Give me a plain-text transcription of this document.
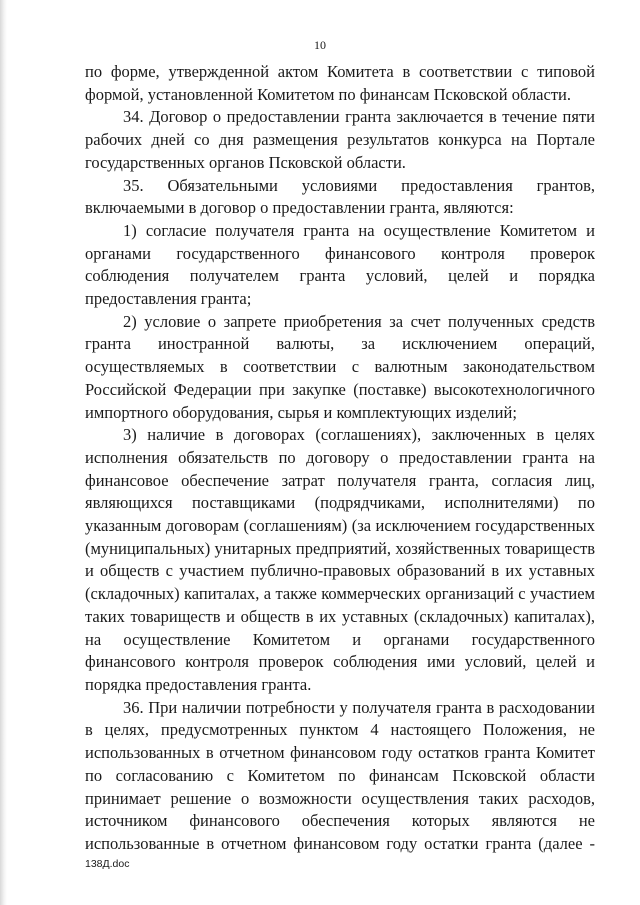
10

по форме, утвержденной актом Комитета в соответствии с типовой формой, установленной Комитетом по финансам Псковской области.

34. Договор о предоставлении гранта заключается в течение пяти рабочих дней со дня размещения результатов конкурса на Портале государственных органов Псковской области.

35. Обязательными условиями предоставления грантов, включаемыми в договор о предоставлении гранта, являются:

1) согласие получателя гранта на осуществление Комитетом и органами государственного финансового контроля проверок соблюдения получателем гранта условий, целей и порядка предоставления гранта;

2) условие о запрете приобретения за счет полученных средств гранта иностранной валюты, за исключением операций, осуществляемых в соответствии с валютным законодательством Российской Федерации при закупке (поставке) высокотехнологичного импортного оборудования, сырья и комплектующих изделий;

3) наличие в договорах (соглашениях), заключенных в целях исполнения обязательств по договору о предоставлении гранта на финансовое обеспечение затрат получателя гранта, согласия лиц, являющихся поставщиками (подрядчиками, исполнителями) по указанным договорам (соглашениям) (за исключением государственных (муниципальных) унитарных предприятий, хозяйственных товариществ и обществ с участием публично-правовых образований в их уставных (складочных) капиталах, а также коммерческих организаций с участием таких товариществ и обществ в их уставных (складочных) капиталах), на осуществление Комитетом и органами государственного финансового контроля проверок соблюдения ими условий, целей и порядка предоставления гранта.

36. При наличии потребности у получателя гранта в расходовании в целях, предусмотренных пунктом 4 настоящего Положения, не использованных в отчетном финансовом году остатков гранта Комитет по согласованию с Комитетом по финансам Псковской области принимает решение о возможности осуществления таких расходов, источником финансового обеспечения которых являются не использованные в отчетном финансовом году остатки гранта (далее -

138Д.doc
